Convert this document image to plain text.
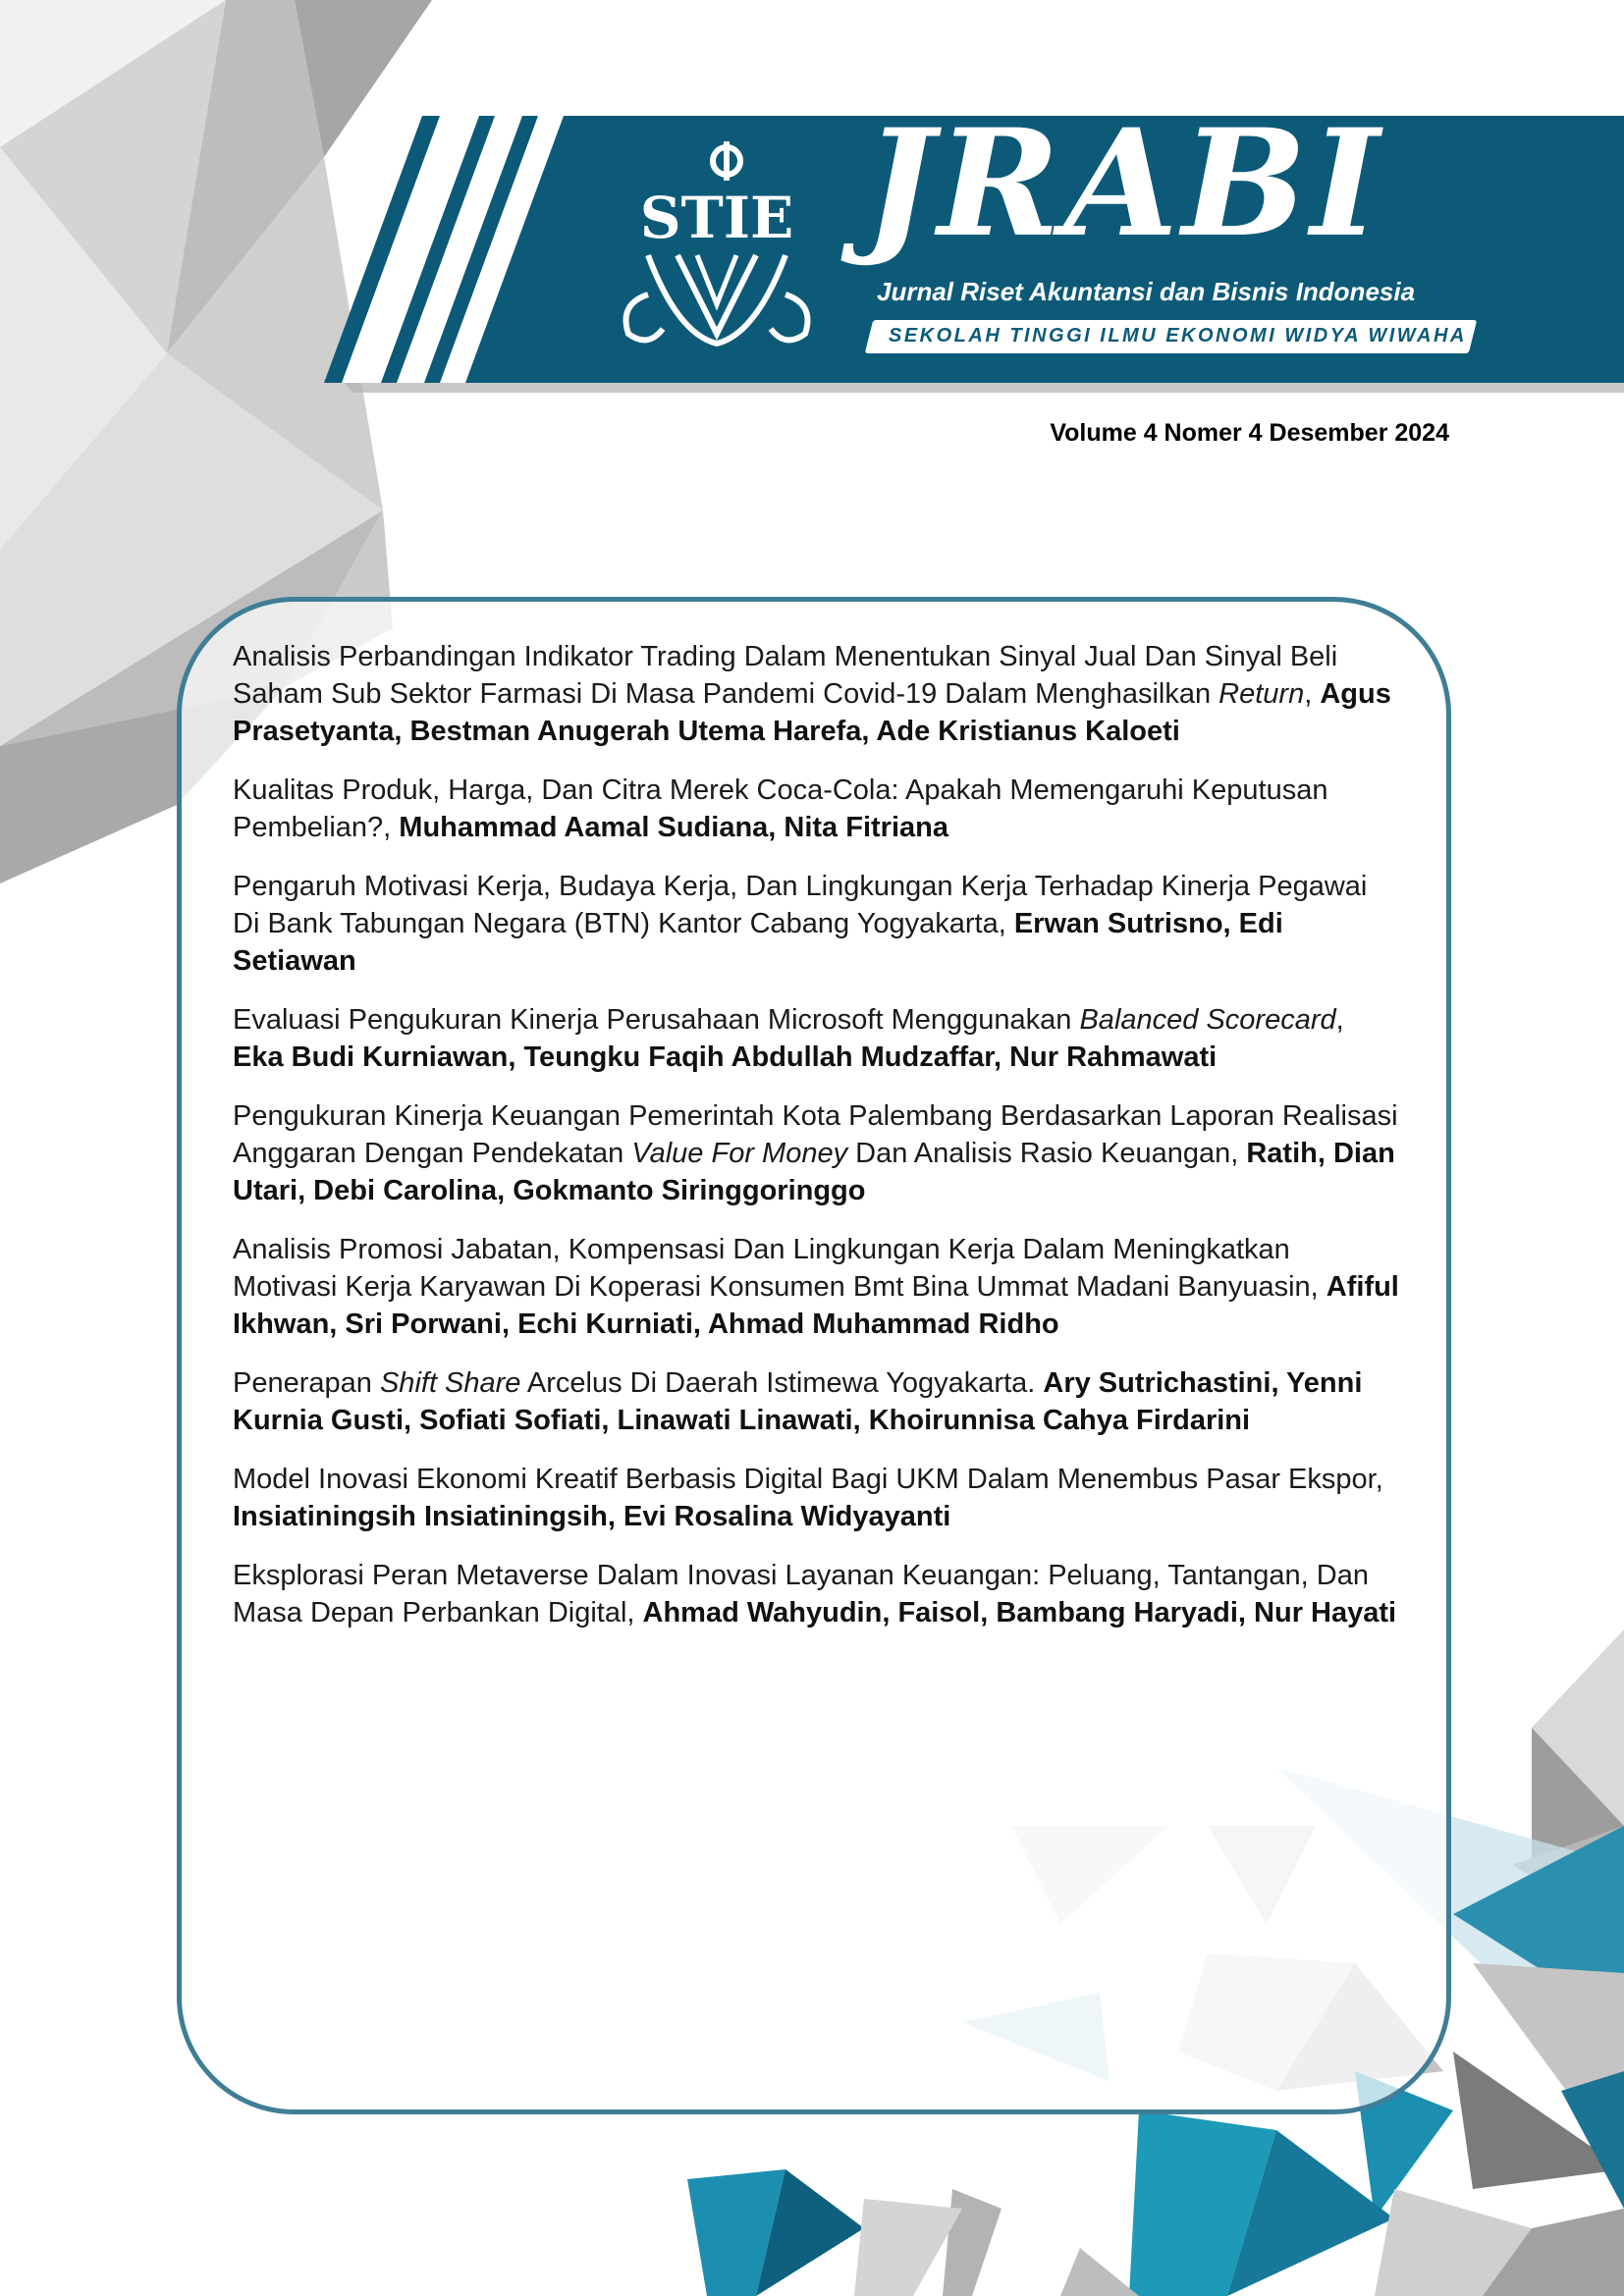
STIE JRABI
Jurnal Riset Akuntansi dan Bisnis Indonesia
SEKOLAH TINGGI ILMU EKONOMI WIDYA WIWAHA
Volume 4 Nomer 4 Desember 2024
Analisis Perbandingan Indikator Trading Dalam Menentukan Sinyal Jual Dan Sinyal Beli Saham Sub Sektor Farmasi Di Masa Pandemi Covid-19 Dalam Menghasilkan Return, Agus Prasetyanta, Bestman Anugerah Utema Harefa, Ade Kristianus Kaloeti
Kualitas Produk, Harga, Dan Citra Merek Coca-Cola: Apakah Memengaruhi Keputusan Pembelian?, Muhammad Aamal Sudiana, Nita Fitriana
Pengaruh Motivasi Kerja, Budaya Kerja, Dan Lingkungan Kerja Terhadap Kinerja Pegawai Di Bank Tabungan Negara (BTN) Kantor Cabang Yogyakarta, Erwan Sutrisno, Edi Setiawan
Evaluasi Pengukuran Kinerja Perusahaan Microsoft Menggunakan Balanced Scorecard, Eka Budi Kurniawan, Teungku Faqih Abdullah Mudzaffar, Nur Rahmawati
Pengukuran Kinerja Keuangan Pemerintah Kota Palembang Berdasarkan Laporan Realisasi Anggaran Dengan Pendekatan Value For Money Dan Analisis Rasio Keuangan, Ratih, Dian Utari, Debi Carolina, Gokmanto Siringgoringgo
Analisis Promosi Jabatan, Kompensasi Dan Lingkungan Kerja Dalam Meningkatkan Motivasi Kerja Karyawan Di Koperasi Konsumen Bmt Bina Ummat Madani Banyuasin, Afiful Ikhwan, Sri Porwani, Echi Kurniati, Ahmad Muhammad Ridho
Penerapan Shift Share Arcelus Di Daerah Istimewa Yogyakarta. Ary Sutrichastini, Yenni Kurnia Gusti, Sofiati Sofiati, Linawati Linawati, Khoirunnisa Cahya Firdarini
Model Inovasi Ekonomi Kreatif Berbasis Digital Bagi UKM Dalam Menembus Pasar Ekspor, Insiatiningsih Insiatiningsih, Evi Rosalina Widyayanti
Eksplorasi Peran Metaverse Dalam Inovasi Layanan Keuangan: Peluang, Tantangan, Dan Masa Depan Perbankan Digital, Ahmad Wahyudin, Faisol, Bambang Haryadi, Nur Hayati
